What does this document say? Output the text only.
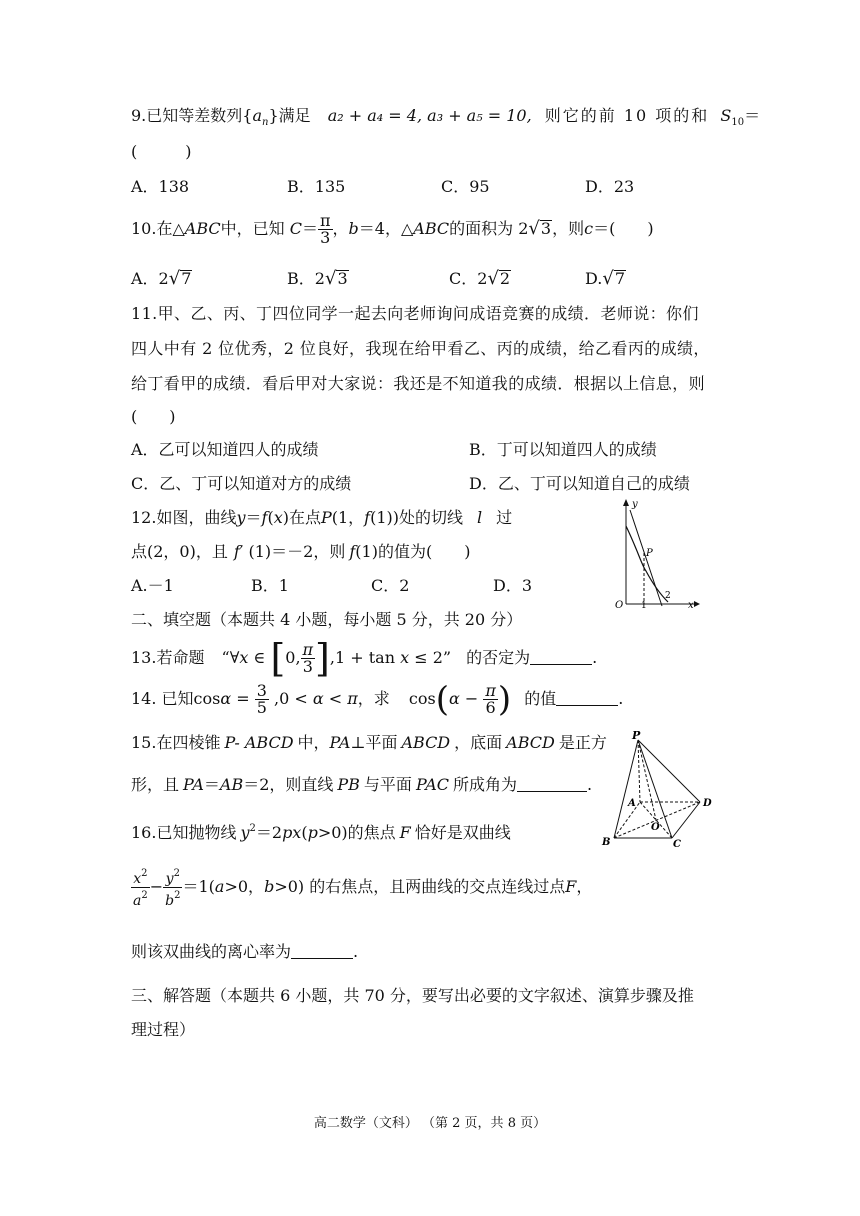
9.已知等差数列$\{a_n\}$满足 a₂ + a₄ = 4, a₃ + a₅ = 10, 则它的前 10 项的和 $S_{10}=$
(　　　)
A．138	B．135	C．95	D．23
10.在△ABC中，已知 $C= \frac{\pi}{3}$ ，b＝4，△ABC的面积为 2√3，则c＝(　　)
A．2√7	B．2√3	C．2√2	D.√7
11.甲、乙、丙、丁四位同学一起去向老师询问成语竞赛的成绩．老师说：你们
四人中有 2 位优秀，2 位良好，我现在给甲看乙、丙的成绩，给乙看丙的成绩，
给丁看甲的成绩．看后甲对大家说：我还是不知道我的成绩．根据以上信息，则
(　　)
A．乙可以知道四人的成绩	B．丁可以知道四人的成绩
C．乙、丁可以知道对方的成绩	D．乙、丁可以知道自己的成绩
12.如图，曲线y＝f(x)在点P(1，f(1))处的切线 l 过
点(2，0)，且 f′ (1)＝－2，则 f(1)的值为(　　)
A.－1	B．1	C．2	D．3
y
P
O 1
2
x
二、填空题（本题共 4 小题，每小题 5 分，共 20 分）
13.若命题 “∀x ∈ [0, $\frac{\pi}{3} ],1 + \tan x \le 2$” 的否定为	.
14. 已知$\cos\alpha = \frac{3}{5} ,0 < \alpha < \pi$，求 $\cos(\alpha - \frac{\pi}{6}$ ) 的值	.
15.在四棱锥 P- ABCD 中，PA⊥平面 ABCD ，底面 ABCD 是正方
形，且 PA＝AB＝2，则直线 PB 与平面 PAC 所成角为	.
P
A
B	C
D
O
16.已知抛物线 $y^2=2px(p>0)$的焦点 F 恰好是双曲线
$\frac{x^2}{a^2} - \frac{y^2}{b^2} =1(a>0$，b>0) 的右焦点，且两曲线的交点连线过点F，
则该双曲线的离心率为	.
三、解答题（本题共 6 小题，共 70 分，要写出必要的文字叙述、演算步骤及推
理过程）
高二数学（文科） （第 2 页，共 8 页）
